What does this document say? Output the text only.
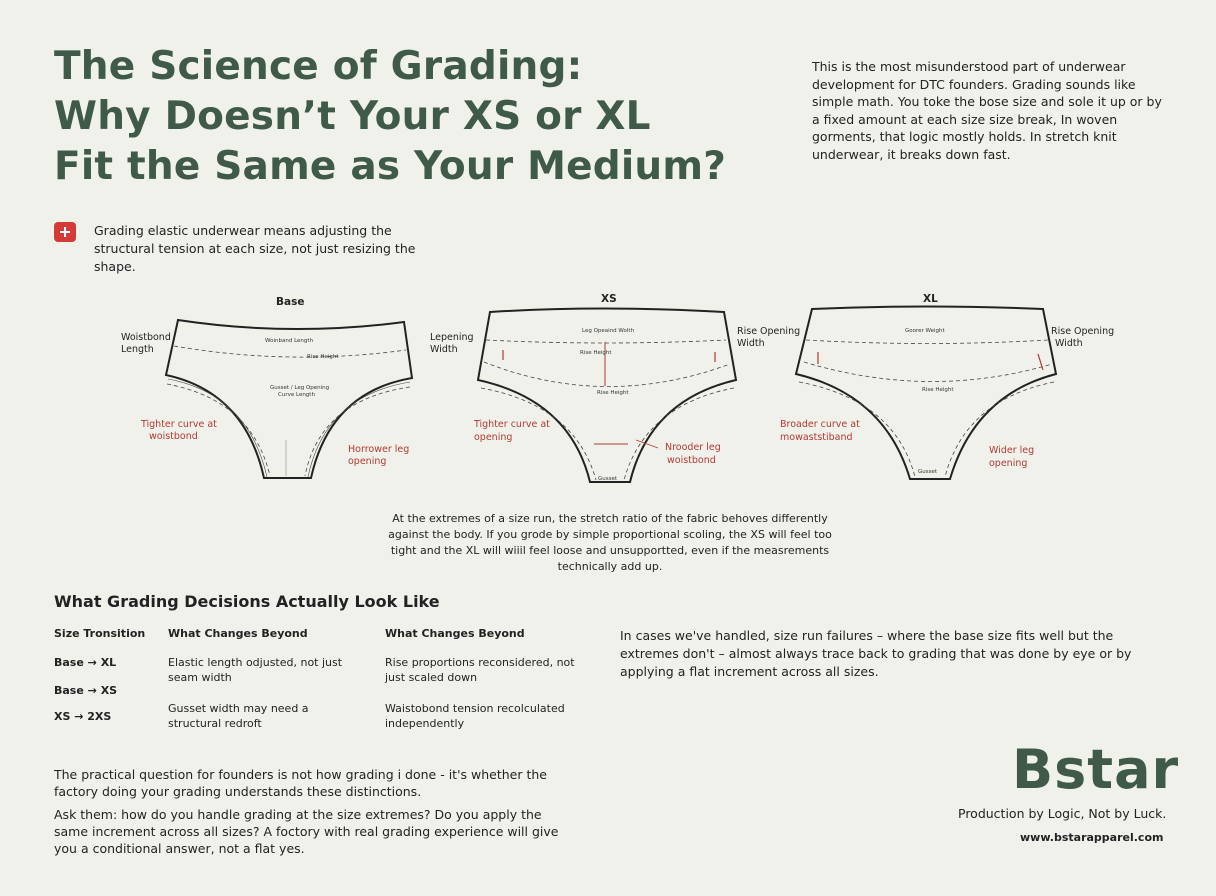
The Science of Grading:
Why Doesn’t Your XS or XL
Fit the Same as Your Medium?
This is the most misunderstood part of underwear development for DTC founders. Grading sounds like simple math. You toke the bose size and sole it up or by a fixed amount at each size size break, In woven gorments, that logic mostly holds. In stretch knit underwear, it breaks down fast.
Grading elastic underwear means adjusting the structural tension at each size, not just resizing the shape.
Base
Woistbond
Length
Woinband Length
Rise Height
Gusset / Leg Opening
Curve Length
Tighter curve at
woistbond
Horrower leg
opening
XS
Lepening
Width
Rise Opening
Width
Leg Opeaind Wolth
Rise Height
Rise Height
Gusset
Tighter curve at
opening
Nrooder leg
woistbond
XL
Rise Opening
Width
Goorer Weight
Rise Height
Gusset
Broader curve at
mowaststiband
Wider leg
opening
At the extremes of a size run, the stretch ratio of the fabric behoves differently against the body. If you grode by simple proportional scoling, the XS will feel too tight and the XL will wiiil feel loose and unsupportted, even if the measrements technically add up.
What Grading Decisions Actually Look Like
Size Tronsition What Changes Beyond	What Changes Beyond
Base → XL	Elastic length odjusted, not just seam width
Rise proportions reconsidered, not just scaled down
Base → XS
XS → 2XS
Gusset width may need a structural redroft
Waistobond tension recolculated independently
In cases we've handled, size run failures – where the base size fits well but the extremes don't – almost always trace back to grading that was done by eye or by applying a flat increment across all sizes.
The practical question for founders is not how grading i done - it's whether the factory doing your grading understands these distinctions.
Ask them: how do you handle grading at the size extremes? Do you apply the same increment across all sizes? A foctory with real grading experience will give you a conditional answer, not a flat yes.
Bstar
Production by Logic, Not by Luck.
www.bstarapparel.com
